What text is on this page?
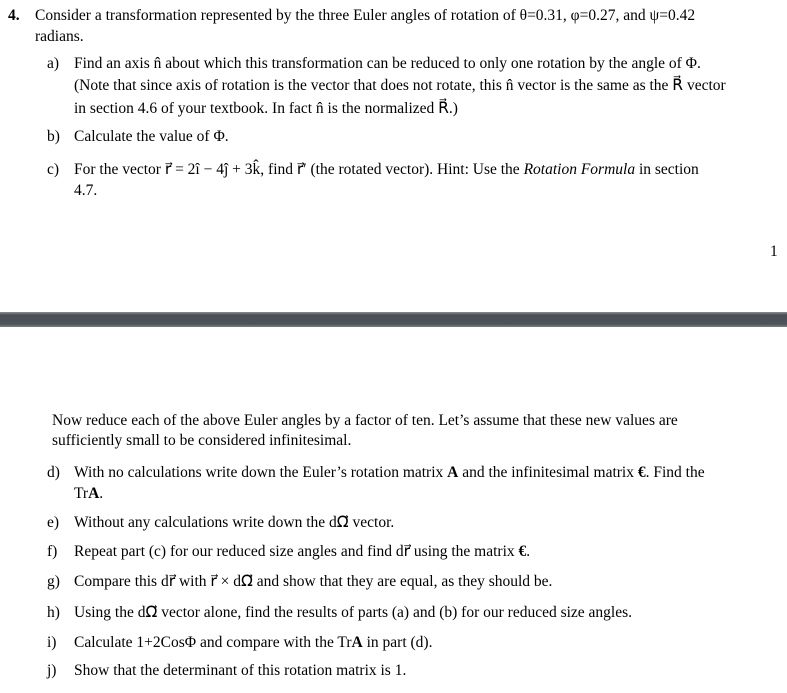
4. Consider a transformation represented by the three Euler angles of rotation of θ=0.31, φ=0.27, and ψ=0.42
radians.
a) Find an axis n̂ about which this transformation can be reduced to only one rotation by the angle of Φ.
(Note that since axis of rotation is the vector that does not rotate, this n̂ vector is the same as the R⃗ vector
in section 4.6 of your textbook. In fact n̂ is the normalized R⃗.)
b) Calculate the value of Φ.
c) For the vector r⃗ = 2î − 4ĵ + 3k̂, find r⃗′ (the rotated vector). Hint: Use the Rotation Formula in section
4.7.
1
Now reduce each of the above Euler angles by a factor of ten. Let’s assume that these new values are
sufficiently small to be considered infinitesimal.
d) With no calculations write down the Euler’s rotation matrix A and the infinitesimal matrix €. Find the
TrA.
e) Without any calculations write down the dΩ⃗ vector.
f) Repeat part (c) for our reduced size angles and find dr⃗ using the matrix €.
g) Compare this dr⃗ with r⃗ × dΩ⃗ and show that they are equal, as they should be.
h) Using the dΩ⃗ vector alone, find the results of parts (a) and (b) for our reduced size angles.
i) Calculate 1+2CosΦ and compare with the TrA in part (d).
j) Show that the determinant of this rotation matrix is 1.
